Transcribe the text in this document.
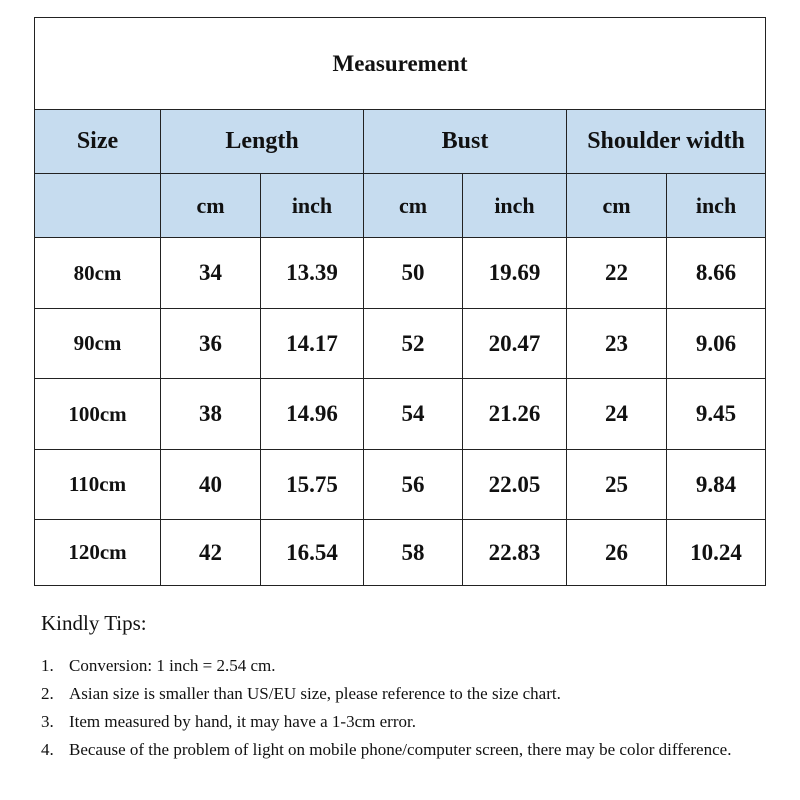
Measurement						
Size	Length		Bust		Shoulder width	
	cm	inch	cm	inch	cm	inch
80cm	34	13.39	50	19.69	22	8.66
90cm	36	14.17	52	20.47	23	9.06
100cm	38	14.96	54	21.26	24	9.45
110cm	40	15.75	56	22.05	25	9.84
120cm	42	16.54	58	22.83	26	10.24
Kindly Tips:
1. Conversion: 1 inch = 2.54 cm.
2. Asian size is smaller than US/EU size, please reference to the size chart.
3. Item measured by hand, it may have a 1-3cm error.
4. Because of the problem of light on mobile phone/computer screen, there may be color difference.
